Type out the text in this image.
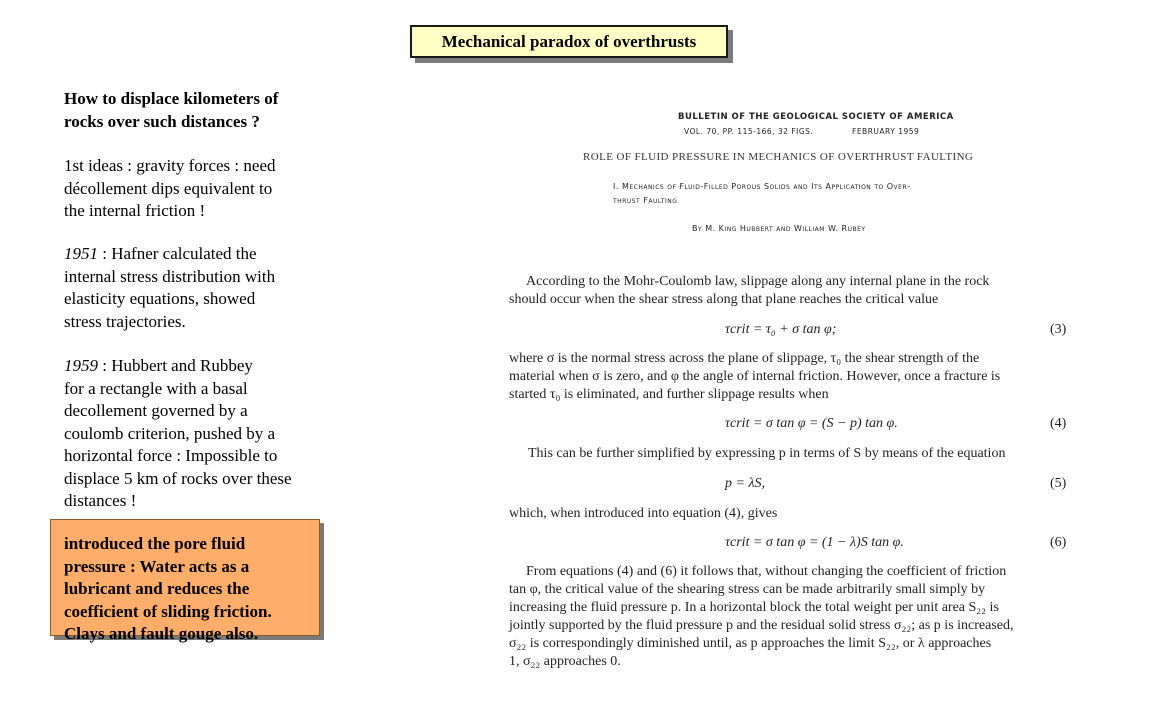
Mechanical paradox of overthrusts
How to displace kilometers of
rocks over such distances ?
1st ideas : gravity forces : need
décollement dips equivalent to
the internal friction !
1951 : Hafner calculated the
internal stress distribution with
elasticity equations, showed
stress trajectories.
1959 : Hubbert and Rubbey
for a rectangle with a basal
decollement governed by a
coulomb criterion, pushed by a
horizontal force : Impossible to
displace 5 km of rocks over these
distances !
introduced the pore fluid
pressure : Water acts as a
lubricant and reduces the
coefficient of sliding friction.
Clays and fault gouge also.
BULLETIN OF THE GEOLOGICAL SOCIETY OF AMERICA
VOL. 70, PP. 115-166, 32 FIGS.	FEBRUARY 1959
ROLE OF FLUID PRESSURE IN MECHANICS OF OVERTHRUST FAULTING
I. Mechanics of Fluid-Filled Porous Solids and Its Application to Over-
thrust Faulting
By M. King Hubbert and William W. Rubey
According to the Mohr-Coulomb law, slippage along any internal plane in the rock
should occur when the shear stress along that plane reaches the critical value
τcrit = τ₀ + σ tan φ;	(3)
where σ is the normal stress across the plane of slippage, τ₀ the shear strength of the
material when σ is zero, and φ the angle of internal friction. However, once a fracture is
started τ₀ is eliminated, and further slippage results when
τcrit = σ tan φ = (S − p) tan φ.	(4)
This can be further simplified by expressing p in terms of S by means of the equation
p = λS,	(5)
which, when introduced into equation (4), gives
τcrit = σ tan φ = (1 − λ)S tan φ.	(6)
From equations (4) and (6) it follows that, without changing the coefficient of friction
tan φ, the critical value of the shearing stress can be made arbitrarily small simply by
increasing the fluid pressure p. In a horizontal block the total weight per unit area S₂₂ is
jointly supported by the fluid pressure p and the residual solid stress σ₂₂; as p is increased,
σ₂₂ is correspondingly diminished until, as p approaches the limit S₂₂, or λ approaches
1, σ₂₂ approaches 0.
